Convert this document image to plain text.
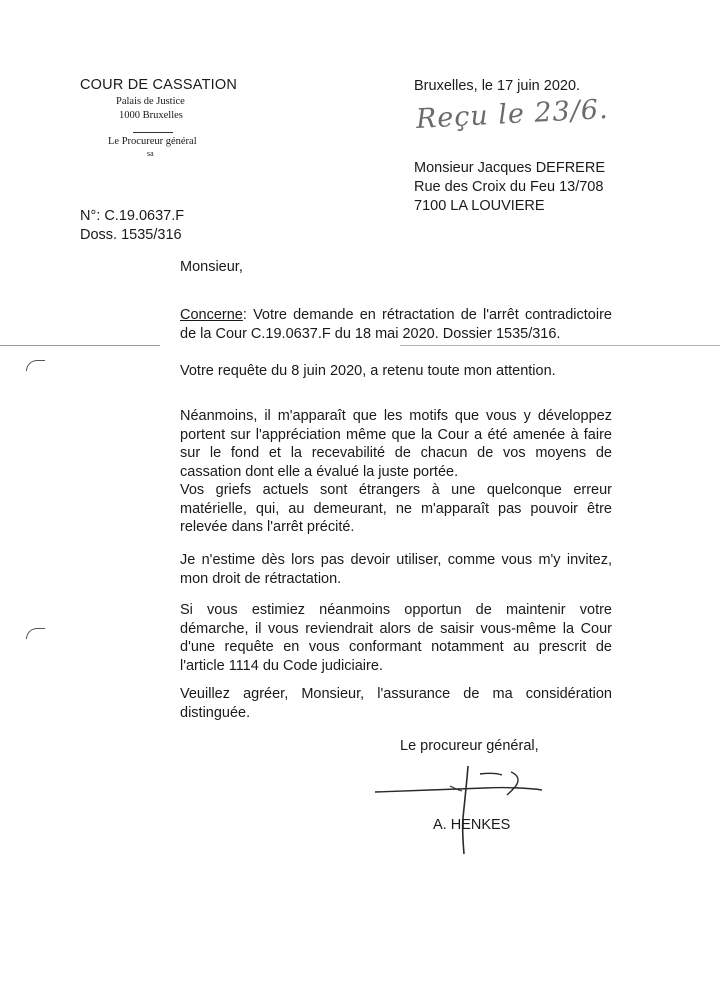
COUR DE CASSATION
Palais de Justice
1000 Bruxelles
Le Procureur général
sa
N°: C.19.0637.F
Doss. 1535/316
Bruxelles, le 17 juin 2020.
Reçu le 23/6.
Monsieur Jacques DEFRERE
Rue des Croix du Feu 13/708
7100 LA LOUVIERE
Monsieur,
Concerne: Votre demande en rétractation de l'arrêt contradictoire de la Cour C.19.0637.F du 18 mai 2020. Dossier 1535/316.
Votre requête du 8 juin 2020, a retenu toute mon attention.
Néanmoins, il m'apparaît que les motifs que vous y développez portent sur l'appréciation même que la Cour a été amenée à faire sur le fond et la recevabilité de chacun de vos moyens de cassation dont elle a évalué la juste portée.
Vos griefs actuels sont étrangers à une quelconque erreur matérielle, qui, au demeurant, ne m'apparaît pas pouvoir être relevée dans l'arrêt précité.
Je n'estime dès lors pas devoir utiliser, comme vous m'y invitez, mon droit de rétractation.
Si vous estimiez néanmoins opportun de maintenir votre démarche, il vous reviendrait alors de saisir vous-même la Cour d'une requête en vous conformant notamment au prescrit de l'article 1114 du Code judiciaire.
Veuillez agréer, Monsieur, l'assurance de ma considération distinguée.
Le procureur général,
A. HENKES
